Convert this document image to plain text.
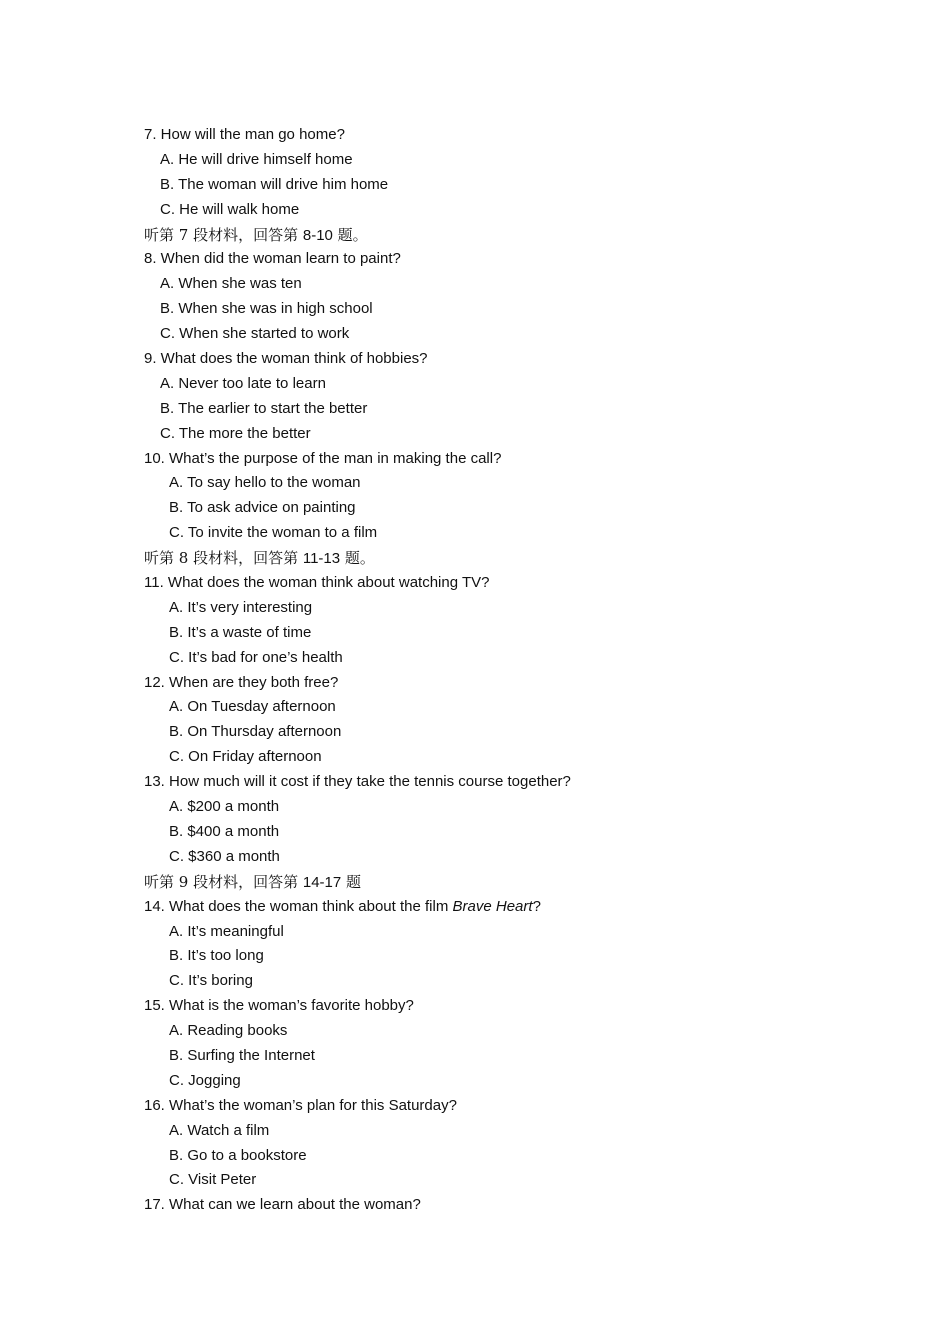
7. How will the man go home?
A. He will drive himself home
B. The woman will drive him home
C. He will walk home
听第 7 段材料，回答第 8-10 题。
8. When did the woman learn to paint?
A. When she was ten
B. When she was in high school
C. When she started to work
9. What does the woman think of hobbies?
A. Never too late to learn
B. The earlier to start the better
C. The more the better
10. What’s the purpose of the man in making the call?
A. To say hello to the woman
B. To ask advice on painting
C. To invite the woman to a film
听第 8 段材料，回答第 11-13 题。
11. What does the woman think about watching TV?
A. It’s very interesting
B. It’s a waste of time
C. It’s bad for one’s health
12. When are they both free?
A. On Tuesday afternoon
B. On Thursday afternoon
C. On Friday afternoon
13. How much will it cost if they take the tennis course together?
A. $200 a month
B. $400 a month
C. $360 a month
听第 9 段材料，回答第 14-17 题
14. What does the woman think about the film Brave Heart?
A. It’s meaningful
B. It’s too long
C. It’s boring
15. What is the woman’s favorite hobby?
A. Reading books
B. Surfing the Internet
C. Jogging
16. What’s the woman’s plan for this Saturday?
A. Watch a film
B. Go to a bookstore
C. Visit Peter
17. What can we learn about the woman?
